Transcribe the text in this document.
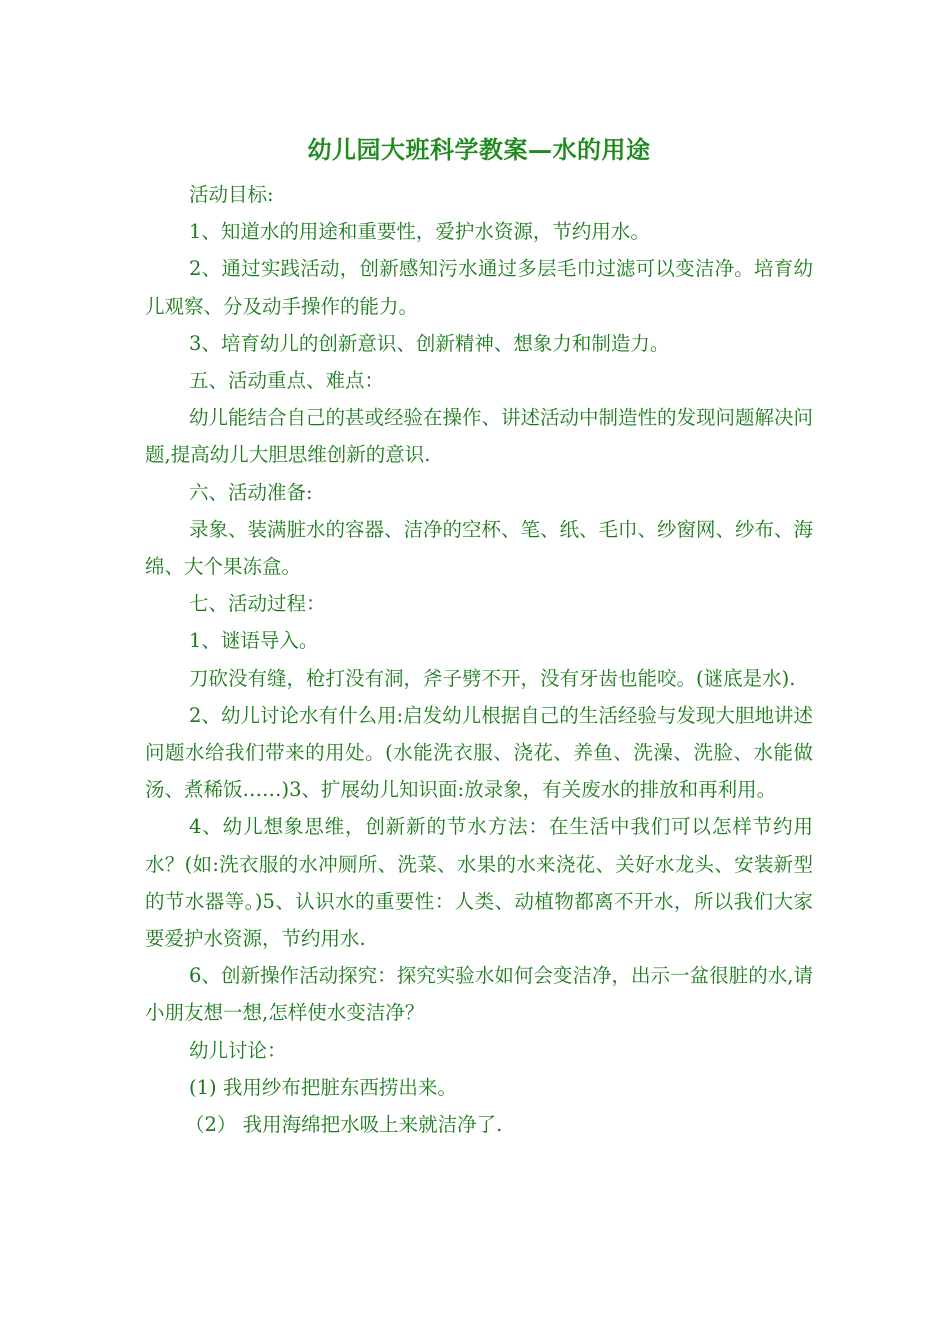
幼儿园大班科学教案—水的用途

活动目标:

1、知道水的用途和重要性，爱护水资源，节约用水。

2、通过实践活动，创新感知污水通过多层毛巾过滤可以变洁净。培育幼儿观察、分及动手操作的能力。

3、培育幼儿的创新意识、创新精神、想象力和制造力。

五、活动重点、难点：

幼儿能结合自己的甚或经验在操作、讲述活动中制造性的发现问题解决问题,提高幼儿大胆思维创新的意识.

六、活动准备:

录象、装满脏水的容器、洁净的空杯、笔、纸、毛巾、纱窗网、纱布、海绵、大个果冻盒。

七、活动过程：

1、谜语导入。

刀砍没有缝，枪打没有洞，斧子劈不开，没有牙齿也能咬。(谜底是水).

2、幼儿讨论水有什么用:启发幼儿根据自己的生活经验与发现大胆地讲述问题水给我们带来的用处。(水能洗衣服、浇花、养鱼、洗澡、洗脸、水能做汤、煮稀饭……)3、扩展幼儿知识面:放录象，有关废水的排放和再利用。

4、幼儿想象思维，创新新的节水方法：在生活中我们可以怎样节约用水？(如:洗衣服的水冲厕所、洗菜、水果的水来浇花、关好水龙头、安装新型的节水器等。)5、认识水的重要性：人类、动植物都离不开水，所以我们大家要爱护水资源，节约用水.

6、创新操作活动探究：探究实验水如何会变洁净，出示一盆很脏的水,请小朋友想一想,怎样使水变洁净？

幼儿讨论：

(1) 我用纱布把脏东西捞出来。

（2） 我用海绵把水吸上来就洁净了.
